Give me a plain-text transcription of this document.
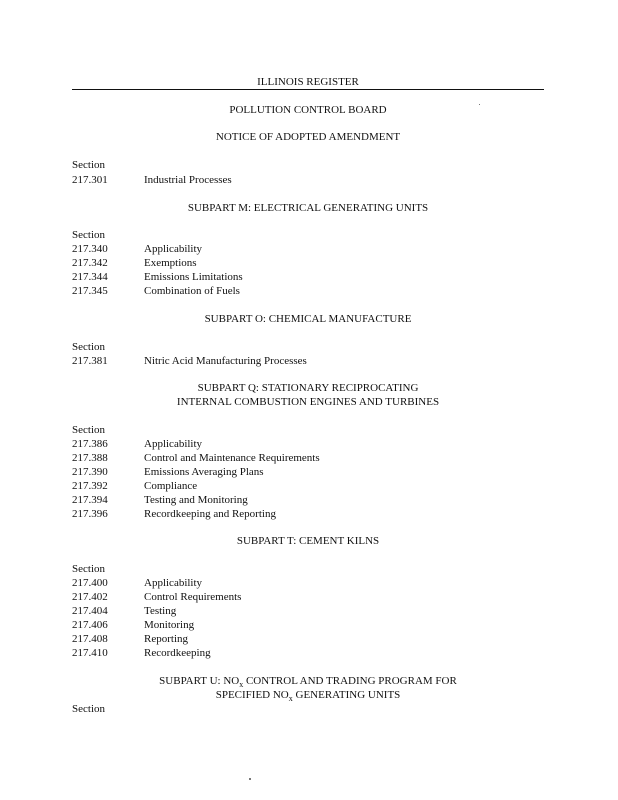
ILLINOIS REGISTER
POLLUTION CONTROL BOARD
NOTICE OF ADOPTED AMENDMENT
Section
217.301	Industrial Processes
SUBPART M: ELECTRICAL GENERATING UNITS
Section
217.340	Applicability
217.342	Exemptions
217.344	Emissions Limitations
217.345	Combination of Fuels
SUBPART O: CHEMICAL MANUFACTURE
Section
217.381	Nitric Acid Manufacturing Processes
SUBPART Q: STATIONARY RECIPROCATING
INTERNAL COMBUSTION ENGINES AND TURBINES
Section
217.386	Applicability
217.388	Control and Maintenance Requirements
217.390	Emissions Averaging Plans
217.392	Compliance
217.394	Testing and Monitoring
217.396	Recordkeeping and Reporting
SUBPART T: CEMENT KILNS
Section
217.400	Applicability
217.402	Control Requirements
217.404	Testing
217.406	Monitoring
217.408	Reporting
217.410	Recordkeeping
SUBPART U: $NO_x$ CONTROL AND TRADING PROGRAM FOR
SPECIFIED $NO_x$ GENERATING UNITS
Section
